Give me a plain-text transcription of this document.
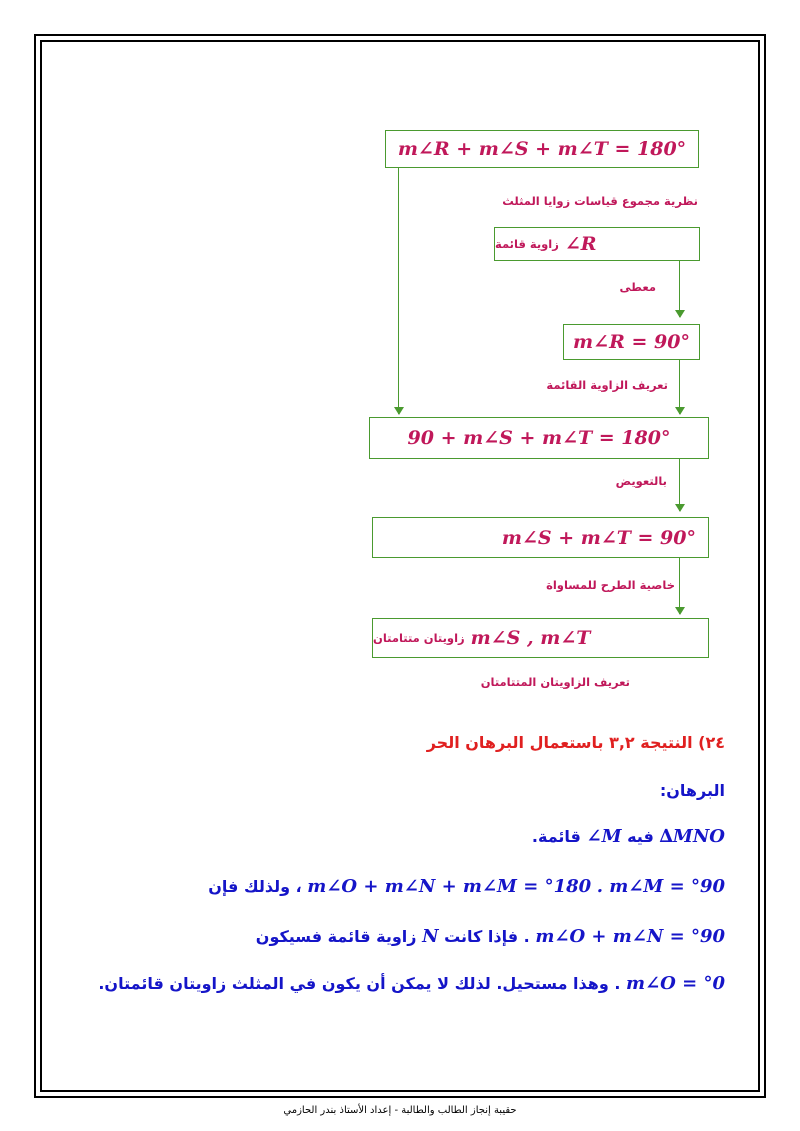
m∠R + m∠S + m∠T = 180°
نظرية مجموع قياسات زوايا المثلث
∠R
زاوية قائمة
معطى
m∠R = 90°
تعريف الزاوية القائمة
90 + m∠S + m∠T = 180°
بالتعويض
m∠S + m∠T = 90°
خاصية الطرح للمساواة
m∠S , m∠T
زاويتان متتامتان
تعريف الزاويتان المتتامتان
٢٤) النتيجة ٣,٢ باستعمال البرهان الحر
البرهان:
∆MNO فيه ∠M قائمة.
m∠O + m∠N + m∠M = °180 . m∠M = °90 ، ولذلك فإن
m∠O + m∠N = °90 . فإذا كانت N زاوية قائمة فسيكون
m∠O = °0 . وهذا مستحيل. لذلك لا يمكن أن يكون في المثلث زاويتان قائمتان.
حقيبة إنجاز الطالب والطالبة - إعداد الأستاذ بندر الحازمي
